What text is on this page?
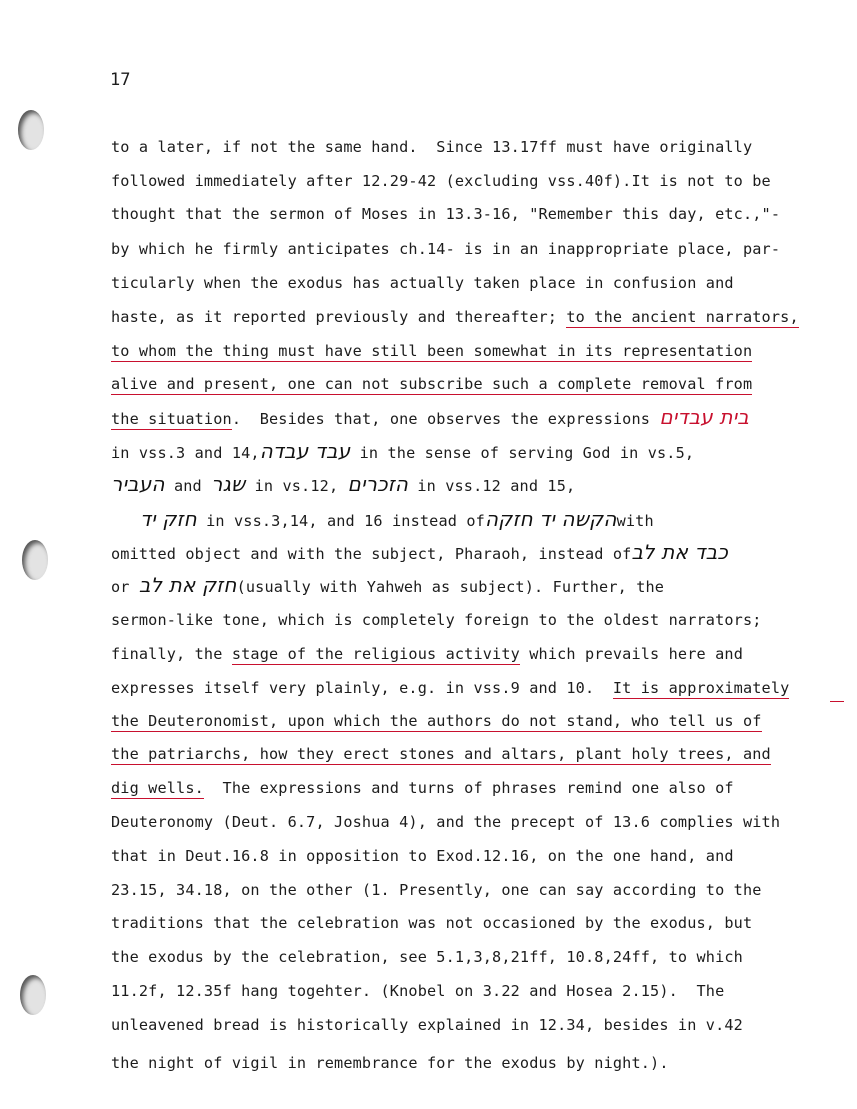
17
to a later, if not the same hand.  Since 13.17ff must have originally
followed immediately after 12.29-42 (excluding vss.40f).It is not to be
thought that the sermon of Moses in 13.3-16, "Remember this day, etc.,"-
by which he firmly anticipates ch.14- is in an inappropriate place, par-
ticularly when the exodus has actually taken place in confusion and
haste, as it reported previously and thereafter; to the ancient narrators,
to whom the thing must have still been somewhat in its representation
alive and present, one can not subscribe such a complete removal from
the situation.  Besides that, one observes the expressions בית עבדים
in vss.3 and 14,עבד עבדה in the sense of serving God in vs.5,
העביר and שגר in vs.12, הזכרים in vss.12 and 15,
חזק יד in vss.3,14, and 16 instead ofהקשה יד חזקהwith
omitted object and with the subject, Pharaoh, instead ofכבד את לב
or חזק את לב(usually with Yahweh as subject). Further, the
sermon-like tone, which is completely foreign to the oldest narrators;
finally, the stage of the religious activity which prevails here and
expresses itself very plainly, e.g. in vss.9 and 10.  It is approximately
the Deuteronomist, upon which the authors do not stand, who tell us of
the patriarchs, how they erect stones and altars, plant holy trees, and
dig wells.  The expressions and turns of phrases remind one also of
Deuteronomy (Deut. 6.7, Joshua 4), and the precept of 13.6 complies with
that in Deut.16.8 in opposition to Exod.12.16, on the one hand, and
23.15, 34.18, on the other (1. Presently, one can say according to the
traditions that the celebration was not occasioned by the exodus, but
the exodus by the celebration, see 5.1,3,8,21ff, 10.8,24ff, to which
11.2f, 12.35f hang togehter. (Knobel on 3.22 and Hosea 2.15).  The
unleavened bread is historically explained in 12.34, besides in v.42
the night of vigil in remembrance for the exodus by night.).
